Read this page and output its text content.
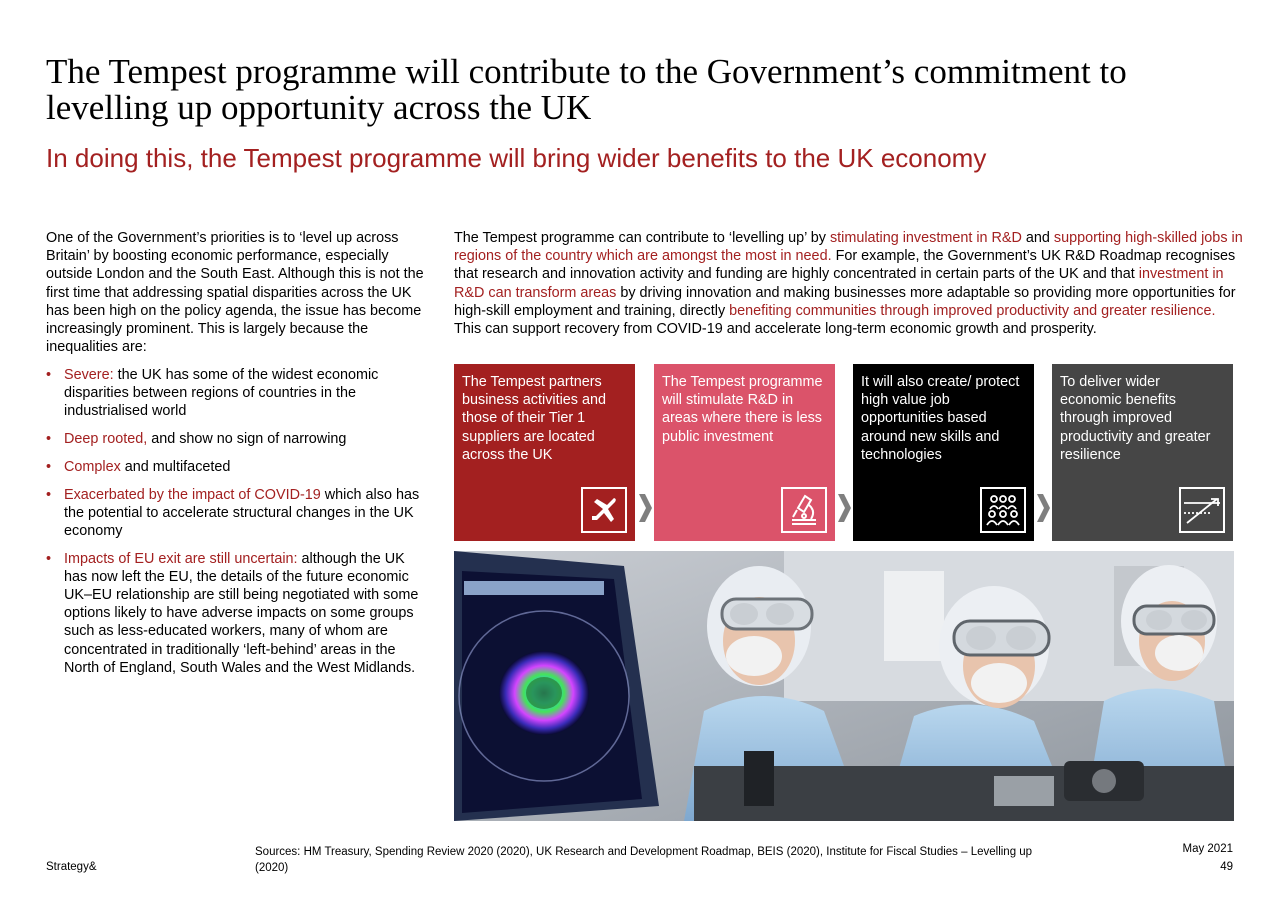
The Tempest programme will contribute to the Government’s commitment to levelling up opportunity across the UK
In doing this, the Tempest programme will bring wider benefits to the UK economy

One of the Government’s priorities is to ‘level up across Britain’ by boosting economic performance, especially outside London and the South East. Although this is not the first time that addressing spatial disparities across the UK has been high on the policy agenda, the issue has become increasingly prominent. This is largely because the inequalities are:

• Severe: the UK has some of the widest economic disparities between regions of countries in the industrialised world
• Deep rooted, and show no sign of narrowing
• Complex and multifaceted
• Exacerbated by the impact of COVID-19 which also has the potential to accelerate structural changes in the UK economy
• Impacts of EU exit are still uncertain: although the UK has now left the EU, the details of the future economic UK–EU relationship are still being negotiated with some options likely to have adverse impacts on some groups such as less-educated workers, many of whom are concentrated in traditionally ‘left-behind’ areas in the North of England, South Wales and the West Midlands.

The Tempest programme can contribute to ‘levelling up’ by stimulating investment in R&D and supporting high-skilled jobs in regions of the country which are amongst the most in need. For example, the Government’s UK R&D Roadmap recognises that research and innovation activity and funding are highly concentrated in certain parts of the UK and that investment in R&D can transform areas by driving innovation and making businesses more adaptable so providing more opportunities for high-skill employment and training, directly benefiting communities through improved productivity and greater resilience. This can support recovery from COVID-19 and accelerate long-term economic growth and prosperity.

The Tempest partners business activities and those of their Tier 1 suppliers are located across the UK
The Tempest programme will stimulate R&D in areas where there is less public investment
It will also create/ protect high value job opportunities based around new skills and technologies
To deliver wider economic benefits through improved productivity and greater resilience
Strategy&
Sources: HM Treasury, Spending Review 2020 (2020), UK Research and Development Roadmap, BEIS (2020), Institute for Fiscal Studies – Levelling up (2020)
May 2021
49
